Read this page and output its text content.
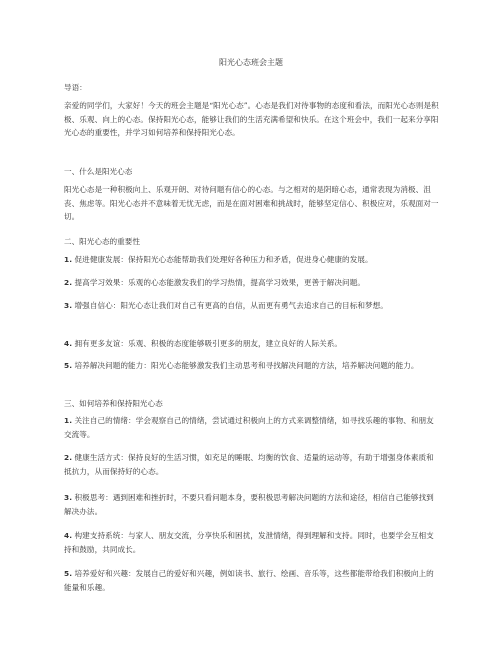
阳光心态班会主题
导语：
亲爱的同学们，大家好！今天的班会主题是“阳光心态”。心态是我们对待事物的态度和看法，而阳光心态则是积极、乐观、向上的心态。保持阳光心态，能够让我们的生活充满希望和快乐。在这个班会中，我们一起来分享阳光心态的重要性，并学习如何培养和保持阳光心态。
一、什么是阳光心态
阳光心态是一种积极向上、乐观开朗、对待问题有信心的心态。与之相对的是阴暗心态，通常表现为消极、沮丧、焦虑等。阳光心态并不意味着无忧无虑，而是在面对困难和挑战时，能够坚定信心、积极应对，乐观面对一切。
二、阳光心态的重要性
1. 促进健康发展：保持阳光心态能帮助我们处理好各种压力和矛盾，促进身心健康的发展。
2. 提高学习效果：乐观的心态能激发我们的学习热情，提高学习效果，更善于解决问题。
3. 增强自信心：阳光心态让我们对自己有更高的自信，从而更有勇气去追求自己的目标和梦想。
4. 拥有更多友谊：乐观、积极的态度能够吸引更多的朋友，建立良好的人际关系。
5. 培养解决问题的能力：阳光心态能够激发我们主动思考和寻找解决问题的方法，培养解决问题的能力。
三、如何培养和保持阳光心态
1. 关注自己的情绪：学会观察自己的情绪，尝试通过积极向上的方式来调整情绪，如寻找乐趣的事物、和朋友交流等。
2. 健康生活方式：保持良好的生活习惯，如充足的睡眠、均衡的饮食、适量的运动等，有助于增强身体素质和抵抗力，从而保持好的心态。
3. 积极思考：遇到困难和挫折时，不要只看问题本身，要积极思考解决问题的方法和途径，相信自己能够找到解决办法。
4. 构建支持系统：与家人、朋友交流，分享快乐和困扰，发泄情绪，得到理解和支持。同时，也要学会互相支持和鼓励，共同成长。
5. 培养爱好和兴趣：发展自己的爱好和兴趣，例如读书、旅行、绘画、音乐等，这些都能带给我们积极向上的能量和乐趣。
